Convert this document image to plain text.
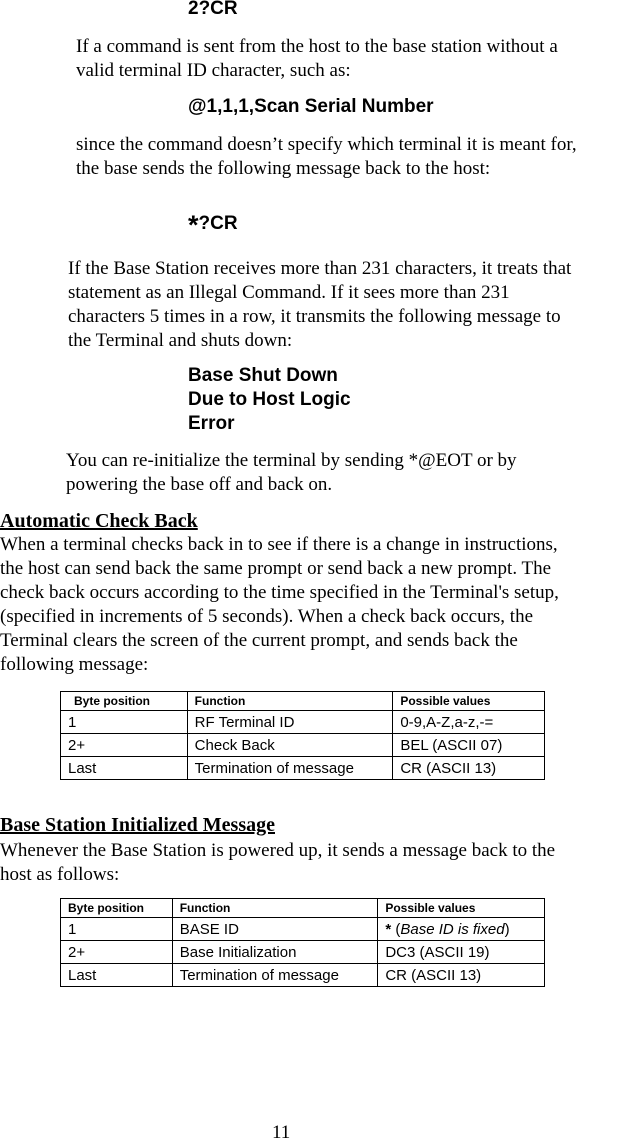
2?CR
If a command is sent from the host to the base station without a
valid terminal ID character, such as:
@1,1,1,Scan Serial Number
since the command doesn’t specify which terminal it is meant for,
the base sends the following message back to the host:
*?CR
If the Base Station receives more than 231 characters, it treats that
statement as an Illegal Command. If it sees more than 231
characters 5 times in a row, it transmits the following message to
the Terminal and shuts down:
Base Shut Down
Due to Host Logic
Error
You can re-initialize the terminal by sending *@EOT or by
powering the base off and back on.
Automatic Check Back
When a terminal checks back in to see if there is a change in instructions,
the host can send back the same prompt or send back a new prompt. The
check back occurs according to the time specified in the Terminal's setup,
(specified in increments of 5 seconds). When a check back occurs, the
Terminal clears the screen of the current prompt, and sends back the
following message:
Byte position	Function	Possible values
1	RF Terminal ID	0-9,A-Z,a-z,-=
2+	Check Back	BEL (ASCII 07)
Last	Termination of message	CR (ASCII 13)
Base Station Initialized Message
Whenever the Base Station is powered up, it sends a message back to the
host as follows:
Byte position	Function	Possible values
1	BASE ID	* (Base ID is fixed)
2+	Base Initialization	DC3 (ASCII 19)
Last	Termination of message	CR (ASCII 13)
11
